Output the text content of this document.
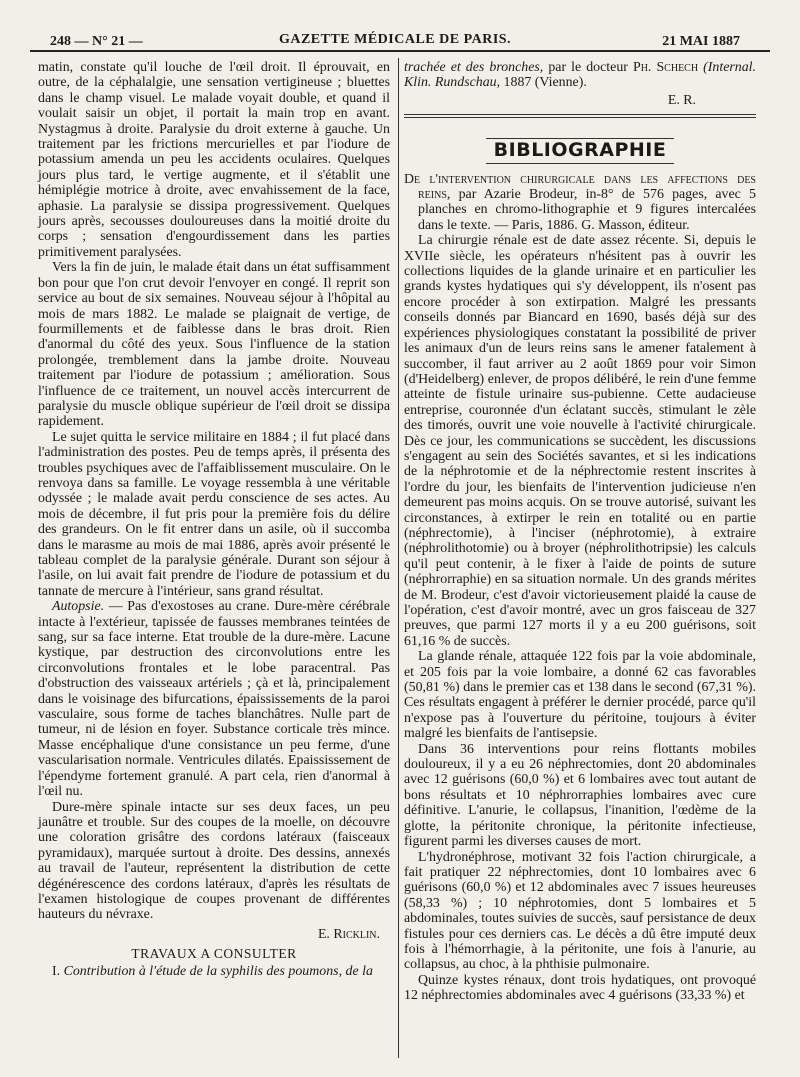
248 — N° 21 —	GAZETTE MÉDICALE DE PARIS.	21 MAI 1887

matin, constate qu'il louche de l'œil droit. Il éprouvait, en outre, de la céphalalgie, une sensation vertigineuse ; bluettes dans le champ visuel. Le malade voyait double, et quand il voulait saisir un objet, il portait la main trop en avant. Nystagmus à droite. Paralysie du droit externe à gauche. Un traitement par les frictions mercurielles et par l'iodure de potassium amenda un peu les accidents oculaires. Quelques jours plus tard, le vertige augmente, et il s'établit une hémiplégie motrice à droite, avec envahissement de la face, aphasie. La paralysie se dissipa progressivement. Quelques jours après, secousses douloureuses dans la moitié droite du corps ; sensation d'engourdissement dans les parties primitivement paralysées.

Vers la fin de juin, le malade était dans un état suffisamment bon pour que l'on crut devoir l'envoyer en congé. Il reprit son service au bout de six semaines. Nouveau séjour à l'hôpital au mois de mars 1882. Le malade se plaignait de vertige, de fourmillements et de faiblesse dans le bras droit. Rien d'anormal du côté des yeux. Sous l'influence de la station prolongée, tremblement dans la jambe droite. Nouveau traitement par l'iodure de potassium ; amélioration. Sous l'influence de ce traitement, un nouvel accès intercurrent de paralysie du muscle oblique supérieur de l'œil droit se dissipa rapidement.

Le sujet quitta le service militaire en 1884 ; il fut placé dans l'administration des postes. Peu de temps après, il présenta des troubles psychiques avec de l'affaiblissement musculaire. On le renvoya dans sa famille. Le voyage ressembla à une véritable odyssée ; le malade avait perdu conscience de ses actes. Au mois de décembre, il fut pris pour la première fois du délire des grandeurs. On le fit entrer dans un asile, où il succomba dans le marasme au mois de mai 1886, après avoir présenté le tableau complet de la paralysie générale. Durant son séjour à l'asile, on lui avait fait prendre de l'iodure de potassium et du tannate de mercure à l'intérieur, sans grand résultat.

Autopsie. — Pas d'exostoses au crane. Dure-mère cérébrale intacte à l'extérieur, tapissée de fausses membranes teintées de sang, sur sa face interne. Etat trouble de la dure-mère. Lacune kystique, par destruction des circonvolutions entre les circonvolutions frontales et le lobe paracentral. Pas d'obstruction des vaisseaux artériels ; çà et là, principalement dans le voisinage des bifurcations, épaississements de la paroi vasculaire, sous forme de taches blanchâtres. Nulle part de tumeur, ni de lésion en foyer. Substance corticale très mince. Masse encéphalique d'une consistance un peu ferme, d'une vascularisation normale. Ventricules dilatés. Epaississement de l'épendyme fortement granulé. A part cela, rien d'anormal à l'œil nu.

Dure-mère spinale intacte sur ses deux faces, un peu jaunâtre et trouble. Sur des coupes de la moelle, on découvre une coloration grisâtre des cordons latéraux (faisceaux pyramidaux), marquée surtout à droite. Des dessins, annexés au travail de l'auteur, représentent la distribution de cette dégénérescence des cordons latéraux, d'après les résultats de l'examen histologique de coupes provenant de différentes hauteurs du névraxe.

E. Ricklin.
TRAVAUX A CONSULTER

I. Contribution à l'étude de la syphilis des poumons, de la

trachée et des bronches, par le docteur Ph. Schech (Internal. Klin. Rundschau, 1887 (Vienne).

E. R.
BIBLIOGRAPHIE

De l'intervention chirurgicale dans les affections des reins, par Azarie Brodeur, in-8° de 576 pages, avec 5 planches en chromo-lithographie et 9 figures intercalées dans le texte. — Paris, 1886. G. Masson, éditeur.

La chirurgie rénale est de date assez récente. Si, depuis le XVIIe siècle, les opérateurs n'hésitent pas à ouvrir les collections liquides de la glande urinaire et en particulier les grands kystes hydatiques qui s'y développent, ils n'osent pas encore procéder à son extirpation. Malgré les pressants conseils donnés par Biancard en 1690, basés déjà sur des expériences physiologiques constatant la possibilité de priver les animaux d'un de leurs reins sans le amener fatalement à succomber, il faut arriver au 2 août 1869 pour voir Simon (d'Heidelberg) enlever, de propos délibéré, le rein d'une femme atteinte de fistule urinaire sus-pubienne. Cette audacieuse entreprise, couronnée d'un éclatant succès, stimulant le zèle des timorés, ouvrit une voie nouvelle à l'activité chirurgicale. Dès ce jour, les communications se succèdent, les discussions s'engagent au sein des Sociétés savantes, et si les indications de la néphrotomie et de la néphrectomie restent inscrites à l'ordre du jour, les bienfaits de l'intervention judicieuse n'en demeurent pas moins acquis. On se trouve autorisé, suivant les circonstances, à extirper le rein en totalité ou en partie (néphrectomie), à l'inciser (néphrotomie), à extraire (néphrolithotomie) ou à broyer (néphrolithotripsie) les calculs qu'il peut contenir, à le fixer à l'aide de points de suture (néphrorraphie) en sa situation normale. Un des grands mérites de M. Brodeur, c'est d'avoir victorieusement plaidé la cause de l'opération, c'est d'avoir montré, avec un gros faisceau de 327 preuves, que parmi 127 morts il y a eu 200 guérisons, soit 61,16 % de succès.

La glande rénale, attaquée 122 fois par la voie abdominale, et 205 fois par la voie lombaire, a donné 62 cas favorables (50,81 %) dans le premier cas et 138 dans le second (67,31 %). Ces résultats engagent à préférer le dernier procédé, parce qu'il n'expose pas à l'ouverture du péritoine, toujours à éviter malgré les bienfaits de l'antisepsie.

Dans 36 interventions pour reins flottants mobiles douloureux, il y a eu 26 néphrectomies, dont 20 abdominales avec 12 guérisons (60,0 %) et 6 lombaires avec tout autant de bons résultats et 10 néphrorraphies lombaires avec cure définitive. L'anurie, le collapsus, l'inanition, l'œdème de la glotte, la péritonite chronique, la péritonite infectieuse, figurent parmi les diverses causes de mort.

L'hydronéphrose, motivant 32 fois l'action chirurgicale, a fait pratiquer 22 néphrectomies, dont 10 lombaires avec 6 guérisons (60,0 %) et 12 abdominales avec 7 issues heureuses (58,33 %) ; 10 néphrotomies, dont 5 lombaires et 5 abdominales, toutes suivies de succès, sauf persistance de deux fistules pour ces derniers cas. Le décès a dû être imputé deux fois à l'hémorrhagie, à la péritonite, une fois à l'anurie, au collapsus, au choc, à la phthisie pulmonaire.

Quinze kystes rénaux, dont trois hydatiques, ont provoqué 12 néphrectomies abdominales avec 4 guérisons (33,33 %) et
